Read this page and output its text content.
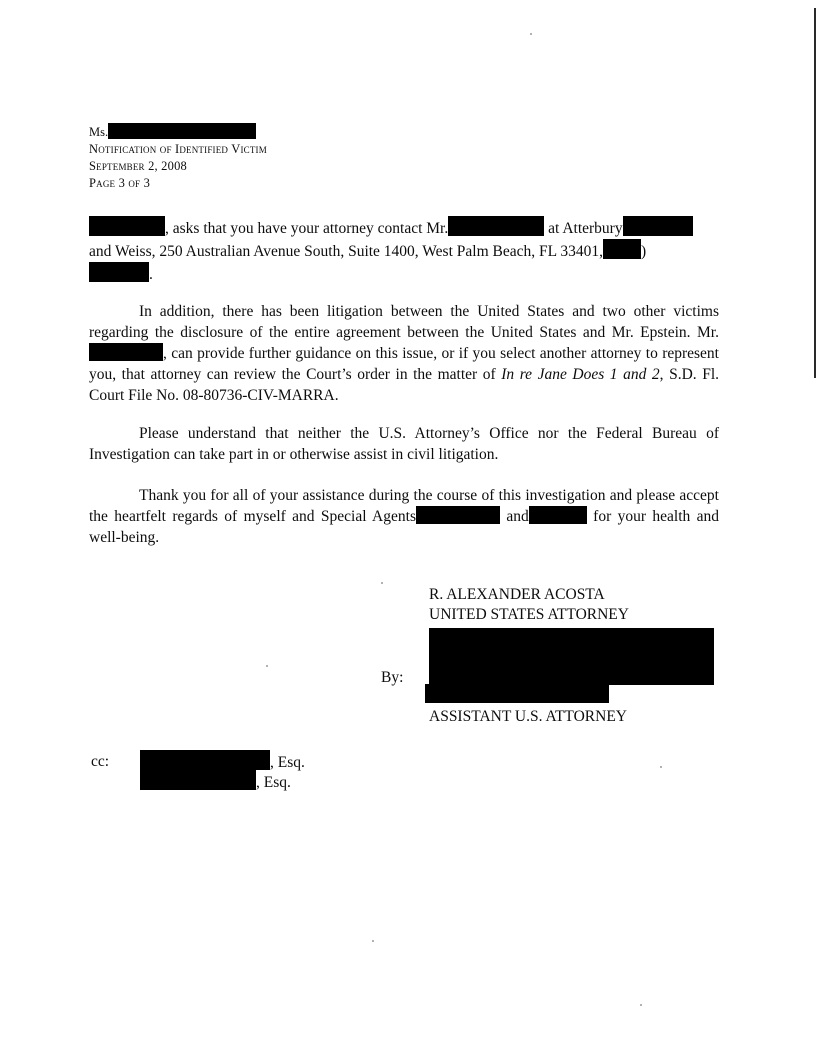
Ms.
Notification of Identified Victim
September 2, 2008
Page 3 of 3
, asks that you have your attorney contact Mr.	at Atterbury
and Weiss, 250 Australian Avenue South, Suite 1400, West Palm Beach, FL 33401, )
.
In addition, there has been litigation between the United States and two other victims regarding the disclosure of the entire agreement between the United States and Mr. Epstein. Mr., can provide further guidance on this issue, or if you select another attorney to represent you, that attorney can review the Court’s order in the matter of In re Jane Does 1 and 2, S.D. Fl. Court File No. 08-80736-CIV-MARRA.
Please understand that neither the U.S. Attorney’s Office nor the Federal Bureau of Investigation can take part in or otherwise assist in civil litigation.
Thank you for all of your assistance during the course of this investigation and please accept the heartfelt regards of myself and Special Agents	and	for your health and well-being.
R. ALEXANDER ACOSTA
UNITED STATES ATTORNEY
By:
ASSISTANT U.S. ATTORNEY
cc:	, Esq.
, Esq.
